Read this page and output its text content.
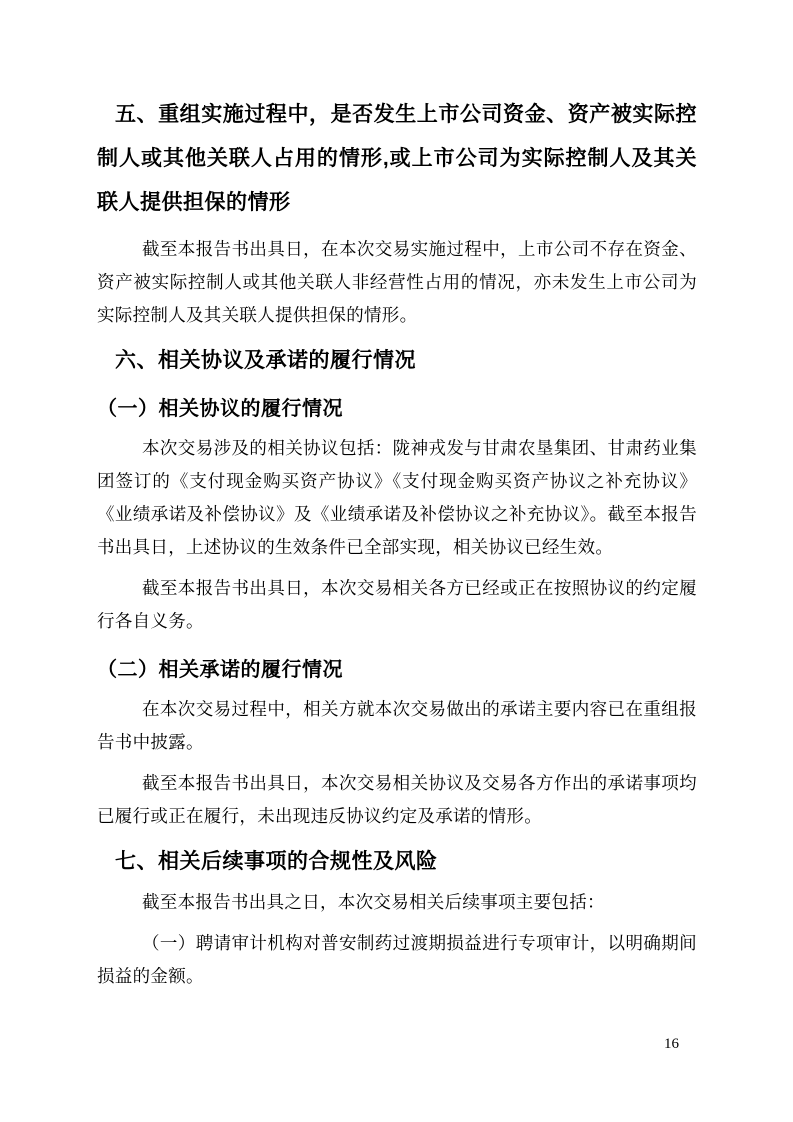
五、重组实施过程中，是否发生上市公司资金、资产被实际控制人或其他关联人占用的情形,或上市公司为实际控制人及其关联人提供担保的情形

截至本报告书出具日，在本次交易实施过程中，上市公司不存在资金、资产被实际控制人或其他关联人非经营性占用的情况，亦未发生上市公司为实际控制人及其关联人提供担保的情形。

六、相关协议及承诺的履行情况
（一）相关协议的履行情况

本次交易涉及的相关协议包括：陇神戎发与甘肃农垦集团、甘肃药业集团签订的《支付现金购买资产协议》《支付现金购买资产协议之补充协议》《业绩承诺及补偿协议》及《业绩承诺及补偿协议之补充协议》。截至本报告书出具日，上述协议的生效条件已全部实现，相关协议已经生效。

截至本报告书出具日，本次交易相关各方已经或正在按照协议的约定履行各自义务。

（二）相关承诺的履行情况

在本次交易过程中，相关方就本次交易做出的承诺主要内容已在重组报告书中披露。

截至本报告书出具日，本次交易相关协议及交易各方作出的承诺事项均已履行或正在履行，未出现违反协议约定及承诺的情形。

七、相关后续事项的合规性及风险

截至本报告书出具之日，本次交易相关后续事项主要包括：

（一）聘请审计机构对普安制药过渡期损益进行专项审计，以明确期间损益的金额。

16
